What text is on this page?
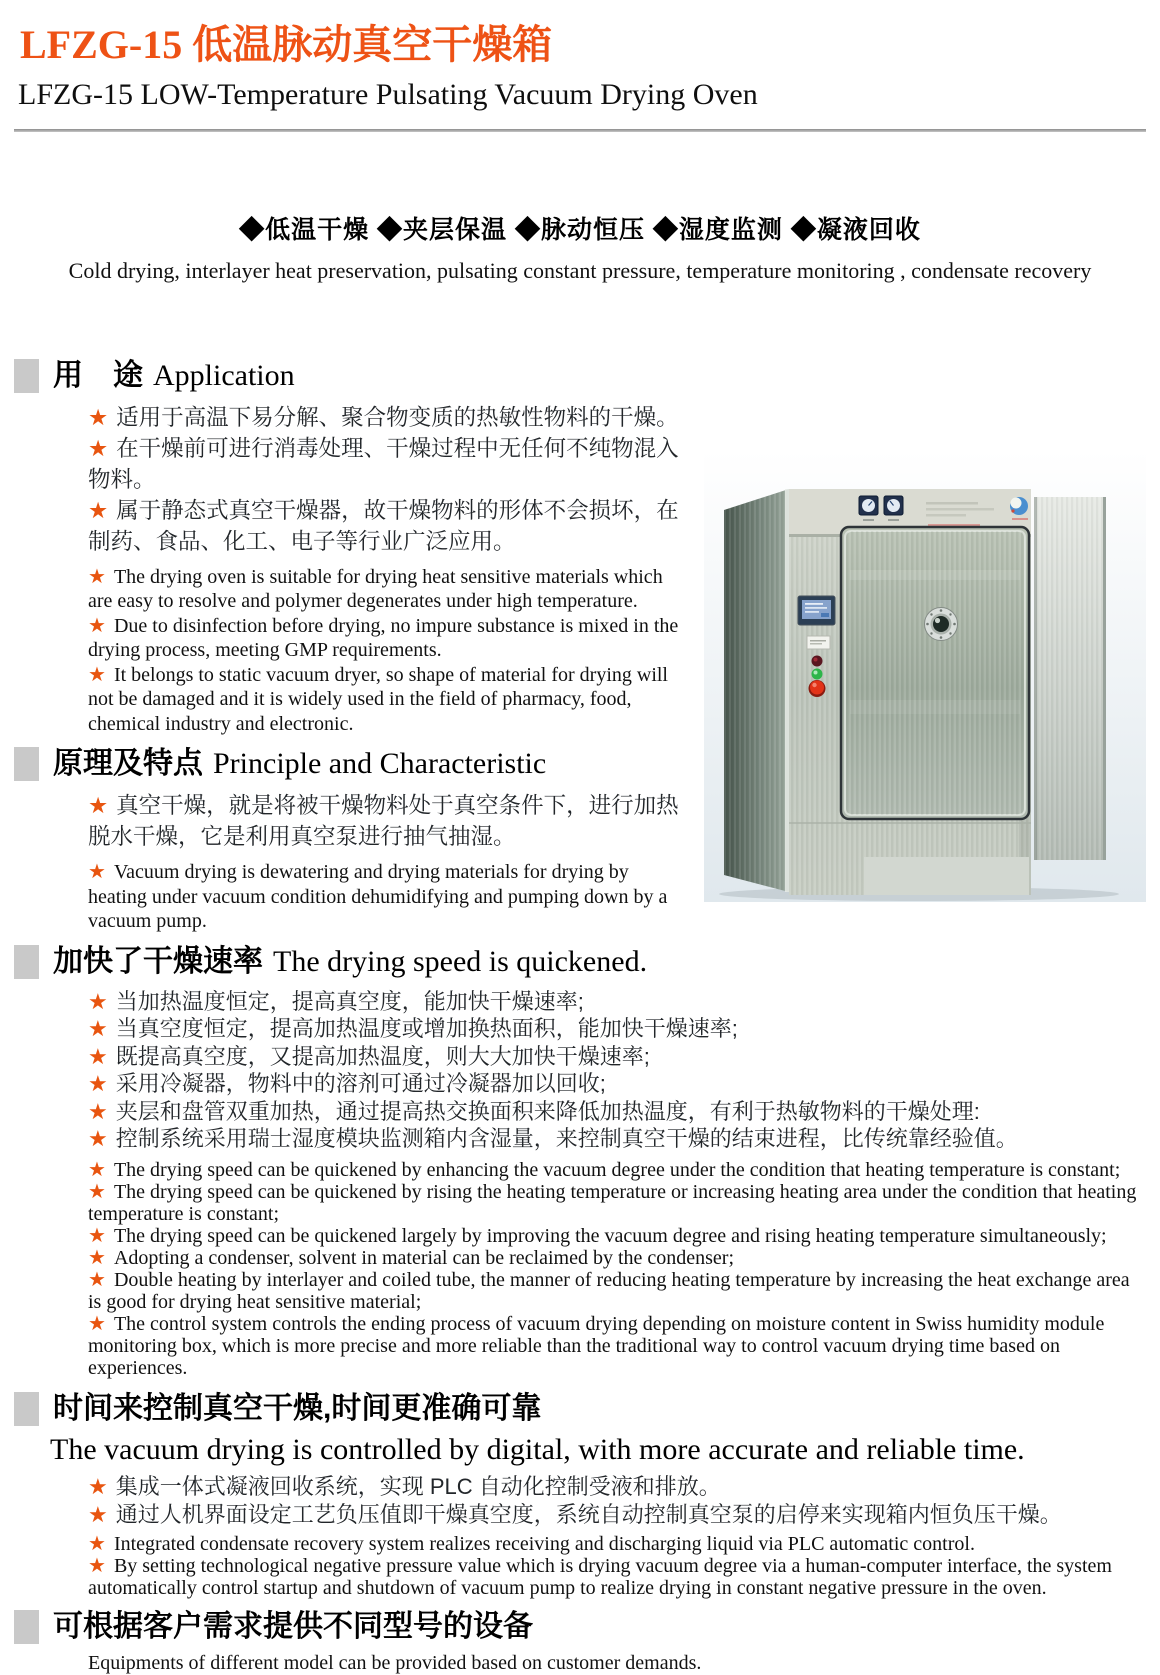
LFZG-15 低温脉动真空干燥箱
LFZG-15 LOW-Temperature Pulsating Vacuum Drying Oven
◆低温干燥 ◆夹层保温 ◆脉动恒压 ◆湿度监测 ◆凝液回收
Cold drying, interlayer heat preservation, pulsating constant pressure, temperature monitoring , condensate recovery
用　途 Application

★ 适用于高温下易分解、聚合物变质的热敏性物料的干燥。

★ 在干燥前可进行消毒处理、干燥过程中无任何不纯物混入物料。

★ 属于静态式真空干燥器，故干燥物料的形体不会损坏，在制药、食品、化工、电子等行业广泛应用。

★ The drying oven is suitable for drying heat sensitive materials which are easy to resolve and polymer degenerates under high temperature.

★ Due to disinfection before drying, no impure substance is mixed in the drying process, meeting GMP requirements.

★ It belongs to static vacuum dryer, so shape of material for drying will not be damaged and it is widely used in the field of pharmacy, food, chemical industry and electronic.

原理及特点 Principle and Characteristic

★ 真空干燥，就是将被干燥物料处于真空条件下，进行加热脱水干燥，它是利用真空泵进行抽气抽湿。

★ Vacuum drying is dewatering and drying materials for drying by heating under vacuum condition dehumidifying and pumping down by a vacuum pump.

加快了干燥速率 The drying speed is quickened.

★ 当加热温度恒定，提高真空度，能加快干燥速率;

★ 当真空度恒定，提高加热温度或增加换热面积，能加快干燥速率;

★ 既提高真空度，又提高加热温度，则大大加快干燥速率;

★ 采用冷凝器，物料中的溶剂可通过冷凝器加以回收;

★ 夹层和盘管双重加热，通过提高热交换面积来降低加热温度，有利于热敏物料的干燥处理:

★ 控制系统采用瑞士湿度模块监测箱内含湿量，来控制真空干燥的结束进程，比传统靠经验值。

★ The drying speed can be quickened by enhancing the vacuum degree under the condition that heating temperature is constant;

★ The drying speed can be quickened by rising the heating temperature or increasing heating area under the condition that heating temperature is constant;

★ The drying speed can be quickened largely by improving the vacuum degree and rising heating temperature simultaneously;

★ Adopting a condenser, solvent in material can be reclaimed by the condenser;

★ Double heating by interlayer and coiled tube, the manner of reducing heating temperature by increasing the heat exchange area is good for drying heat sensitive material;

★ The control system controls the ending process of vacuum drying depending on moisture content in Swiss humidity module monitoring box, which is more precise and more reliable than the traditional way to control vacuum drying time based on experiences.

时间来控制真空干燥,时间更准确可靠

The vacuum drying is controlled by digital, with more accurate and reliable time.

★ 集成一体式凝液回收系统，实现 PLC 自动化控制受液和排放。

★ 通过人机界面设定工艺负压值即干燥真空度，系统自动控制真空泵的启停来实现箱内恒负压干燥。

★ Integrated condensate recovery system realizes receiving and discharging liquid via PLC automatic control.

★ By setting technological negative pressure value which is drying vacuum degree via a human-computer interface, the system automatically control startup and shutdown of vacuum pump to realize drying in constant negative pressure in the oven.

可根据客户需求提供不同型号的设备

Equipments of different model can be provided based on customer demands.
